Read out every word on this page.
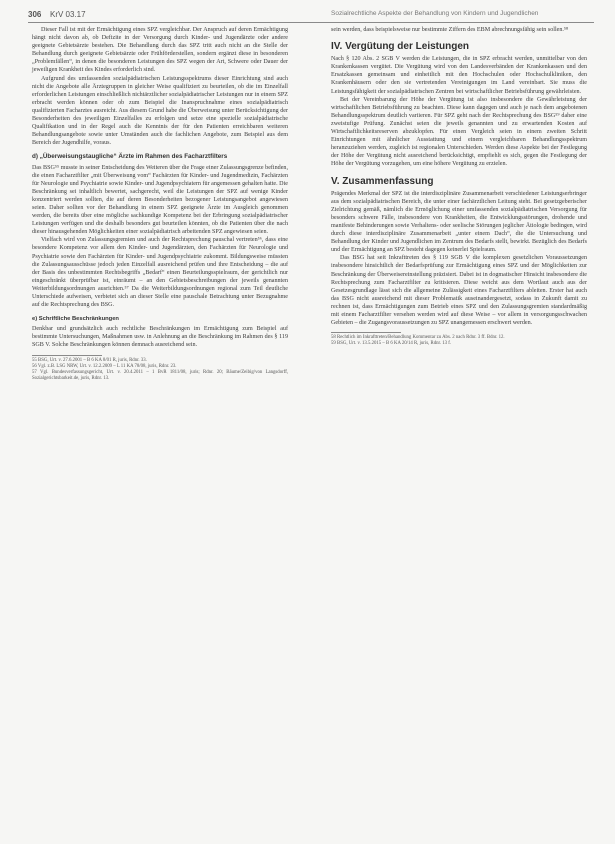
306 KrV 03.17	Sozialrechtliche Aspekte der Behandlung von Kindern und Jugendlichen

Dieser Fall ist mit der Ermächtigung eines SPZ vergleichbar. Der Anspruch auf deren Ermächtigung hängt nicht davon ab, ob Defizite in der Versorgung durch Kinder- und Jugendärzte oder andere geeignete Gebietsärzte bestehen. Die Behandlung durch das SPZ tritt auch nicht an die Stelle der Behandlung durch geeignete Gebietsärzte oder Frühförderstellen, sondern ergänzt diese in besonderen „Problemfällen“, in denen die besonderen Leistungen des SPZ wegen der Art, Schwere oder Dauer der jeweiligen Krankheit des Kindes erforderlich sind.

Aufgrund des umfassenden sozialpädiatrischen Leistungsspektrums dieser Einrichtung sind auch nicht die Angebote alle Ärztegruppen in gleicher Weise qualifiziert zu beurteilen, ob die im Einzelfall erforderlichen Leistungen einschließlich nichtärztlicher sozialpädiatrischer Leistungen nur in einem SPZ erbracht werden können oder ob zum Beispiel die Inanspruchnahme eines sozialpädiatrisch qualifizierten Facharztes ausreicht. Aus diesem Grund habe die Überweisung unter Berücksichtigung der Besonderheiten des jeweiligen Einzelfalles zu erfolgen und setze eine spezielle sozialpädiatrische Qualifikation und in der Regel auch die Kenntnis der für den Patienten erreichbaren weiteren Behandlungsangebote sowie unter Umständen auch die fachlichen Angebote, zum Beispiel aus dem Bereich der Jugendhilfe, voraus.

d) „Überweisungstaugliche“ Ärzte im Rahmen des Facharztfilters

Das BSG⁵⁵ musste in seiner Entscheidung des Weiteren über die Frage einer Zulassungsgrenze befinden, die einen Facharztfilter „mit Überweisung vom“ Fachärzten für Kinder- und Jugendmedizin, Fachärzten für Neurologie und Psychiatrie sowie Kinder- und Jugendpsychiatern für angemessen gehalten hatte. Die Beschränkung sei inhaltlich bewertet, sachgerecht, weil die Leistungen der SPZ auf wenige Kinder konzentriert werden sollten, die auf deren Besonderheiten bezogener Leistungsangebot angewiesen seien. Daher sollten vor der Behandlung in einem SPZ geeignete Ärzte im Ausgleich genommen werden, die bereits über eine mögliche sachkundige Kompetenz bei der Erbringung sozialpädiatrischer Leistungen verfügen und die deshalb besonders gut beurteilen könnten, ob die Patienten über die nach dieser hinausgehenden Möglichkeiten einer sozialpädiatrisch arbeitenden SPZ angewiesen seien.

Vielfach wird von Zulassungsgremien und auch der Rechtsprechung pauschal vertreten⁵⁶, dass eine besondere Kompetenz vor allem den Kinder- und Jugendärzten, den Fachärzten für Neurologie und Psychiatrie sowie den Fachärzten für Kinder- und Jugendpsychiatrie zukommt. Bildungsweise müssten die Zulassungsausschüsse jedoch jeden Einzelfall ausreichend prüfen und ihre Entscheidung – die auf der Basis des unbestimmten Rechtsbegriffs „Bedarf“ einen Beurteilungsspielraum, der gerichtlich nur eingeschränkt überprüfbar ist, einräumt – an den Gebietsbeschreibungen der jeweils genannten Weiterbildungsordnungen ausrichten.⁵⁷ Da die Weiterbildungsordnungen regional zum Teil deutliche Unterschiede aufweisen, verbietet sich an dieser Stelle eine pauschale Betrachtung unter Bezugnahme auf die Rechtsprechung des BSG.

e) Schriftliche Beschränkungen

Denkbar und grundsätzlich auch rechtliche Beschränkungen im Ermächtigung zum Beispiel auf bestimmte Untersuchungen, Maßnahmen usw. in Anlehnung an die Beschränkung im Rahmen des § 119 SGB V. Solche Beschränkungen können demnach ausreichend sein.

55 BSG, Urt. v. 27.6.2001 – B 6 KA 8/01 R, juris, Rdnr. 33.
56 Vgl. z.B. LSG NRW, Urt. v. 12.2.2009 – L 11 KA 78/08, juris, Rdnr. 23.
57 Vgl. Bundesverfassungsgericht, Urt. v. 20.4.2011 – 1 BvR 1811/08, juris; Rdnr. 20; Bäume/Zeibig/von Langsdorff, Sozialgerichtsbarkeit.de, juris, Rdnr. 13.

sein werden, dass beispielsweise nur bestimmte Ziffern des EBM abrechnungsfähig sein sollen.⁵⁸

IV. Vergütung der Leistungen

Nach § 120 Abs. 2 SGB V werden die Leistungen, die in SPZ erbracht werden, unmittelbar von den Krankenkassen vergütet. Die Vergütung wird von den Landesverbänden der Krankenkassen und den Ersatzkassen gemeinsam und einheitlich mit den Hochschulen oder Hochschulkliniken, den Krankenhäusern oder den sie vertretenden Vereinigungen im Land vereinbart. Sie muss die Leistungsfähigkeit der sozialpädiatrischen Zentren bei wirtschaftlicher Betriebsführung gewährleisten.

Bei der Vereinbarung der Höhe der Vergütung ist also insbesondere die Gewährleistung der wirtschaftlichen Betriebsführung zu beachten. Diese kann dagegen und auch je nach dem angebotenen Behandlungsspektrum deutlich variieren. Für SPZ geht nach der Rechtsprechung des BSG⁵⁹ daher eine zweistufige Prüfung. Zunächst seien die jeweils genannten und zu erwartenden Kosten auf Wirtschaftlichkeitsreserven abzuklopfen. Für einen Vergleich seien in einem zweiten Schritt Einrichtungen mit ähnlicher Ausstattung und einem vergleichbaren Behandlungsspektrum heranzuziehen werden, zugleich ist regionalen Unterschieden. Werden diese Aspekte bei der Festlegung der Höhe der Vergütung nicht ausreichend berücksichtigt, empfiehlt es sich, gegen die Festlegung der Höhe der Vergütung vorzugehen, um eine höhere Vergütung zu erzielen.

V. Zusammenfassung

Prägendes Merkmal der SPZ ist die interdisziplinäre Zusammenarbeit verschiedener Leistungserbringer aus dem sozialpädiatrischen Bereich, die unter einer fachärztlichen Leitung steht. Bei gesetzgeberischer Zielrichtung gemäß, nämlich die Ermöglichung einer umfassenden sozialpädiatrischen Versorgung für besonders schwere Fälle, insbesondere von Krankheiten, die Entwicklungsstörungen, drohende und manifeste Behinderungen sowie Verhaltens- oder seelische Störungen jeglicher Ätiologie bedingen, wird durch diese interdisziplinäre Zusammenarbeit „unter einem Dach“, die die Untersuchung und Behandlung der Kinder und Jugendlichen im Zentrum des Bedarfs stellt, bewirkt. Bezüglich des Bedarfs und der Ermächtigung an SPZ besteht dagegen keinerlei Spielraum.

Das BSG hat seit Inkrafttreten des § 119 SGB V die komplexen gesetzlichen Voraussetzungen insbesondere hinsichtlich der Bedarfsprüfung zur Ermächtigung eines SPZ und der Möglichkeiten zur Beschränkung der Überweisereinstellung präzisiert. Dabei ist in dogmatischer Hinsicht insbesondere die Rechtsprechung zum Facharztfilter zu kritisieren. Diese weicht aus dem Wortlaut auch aus der Gesetzesgrundlage lässt sich die allgemeine Zulässigkeit eines Facharztfilters ableiten. Erster hat auch das BSG nicht ausreichend mit dieser Problematik auseinandergesetzt, sodass in Zukunft damit zu rechnen ist, dass Ermächtigungen zum Betrieb eines SPZ und den Zulassungsgremien standardmäßig mit einem Facharztfilter versehen werden wird auf diese Weise – vor allem in versorgungsschwachen Gebieten – die Zugangsvoraussetzungen zu SPZ unangemessen erschwert werden.

58 Rechtlich im Inkrafttreten/Behandlung Kommentar zu Abs. 2 nach Rdnr. 3 ff. Bdnr. 12.
59 BSG, Urt. v. 13.5.2015 – B 6 KA 20/14 R, juris, Rdnr. 13 f.
